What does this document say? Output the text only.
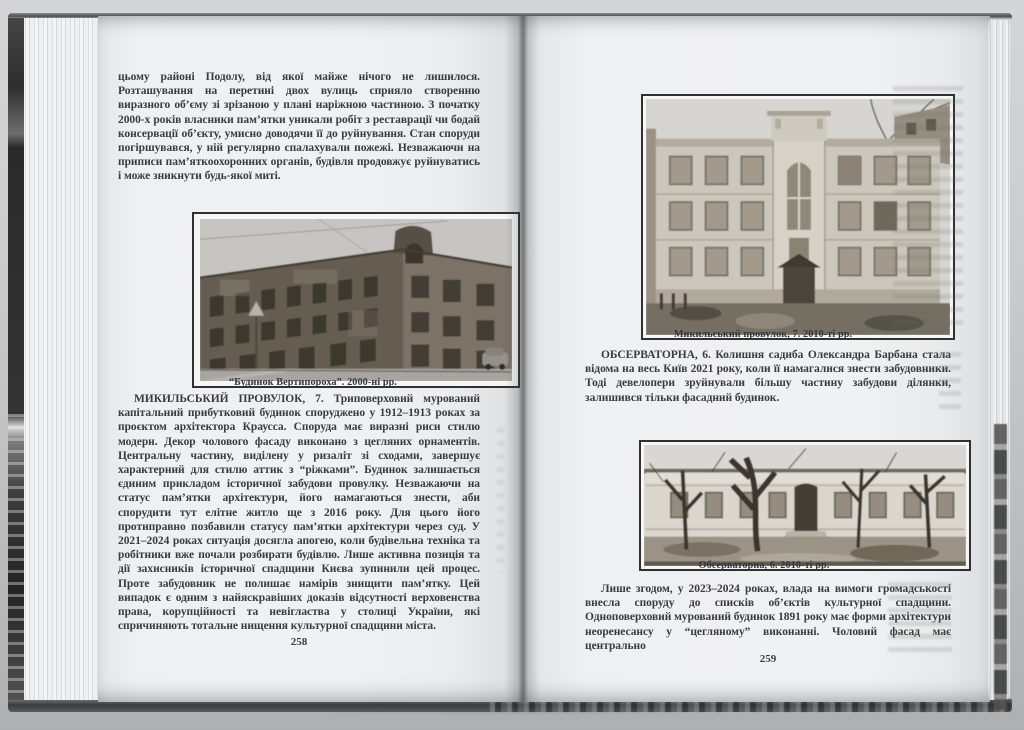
цьому районі Подолу, від якої майже нічого не лишилося. Розташування на перетині двох вулиць сприяло створенню виразного об’єму зі зрізаною у плані наріжною частиною. З початку 2000-х років власники пам’ятки уникали робіт з реставрації чи бодай консервації об’єкту, умисно доводячи її до руйнування. Стан споруди погіршувався, у ній регулярно спалахували пожежі. Незважаючи на приписи пам’яткоохоронних органів, будівля продовжує руйнуватись і може зникнути будь-якої миті.

“Будинок Вертипороха”. 2000-ні рр.

МИКИЛЬСЬКИЙ ПРОВУЛОК, 7. Триповерховий мурований капітальний прибутковий будинок споруджено у 1912–1913 роках за проєктом архітектора Краусса. Споруда має виразні риси стилю модерн. Декор чолового фасаду виконано з цегляних орнаментів. Центральну частину, виділену у ризаліт зі сходами, завершує характерний для стилю аттик з “ріжками”. Будинок залишається єдиним прикладом історичної забудови провулку. Незважаючи на статус пам’ятки архітектури, його намагаються знести, аби спорудити тут елітне житло ще з 2016 року. Для цього його протиправно позбавили статусу пам’ятки архітектури через суд. У 2021–2024 роках ситуація досягла апогею, коли будівельна техніка та робітники вже почали розбирати будівлю. Лише активна позиція та дії захисників історичної спадщини Києва зупинили цей процес. Проте забудовник не полишає намірів знищити пам’ятку. Цей випадок є одним з найяскравіших доказів відсутності верховенства права, корупційності та невігластва у столиці України, які спричиняють тотальне нищення культурної спадщини міста.

258
Микильський провулок, 7. 2010-ті рр.

ОБСЕРВАТОРНА, 6. Колишня садиба Олександра Барбана стала відома на весь Київ 2021 року, коли її намагалися знести забудовники. Тоді девелопери зруйнували більшу частину забудови ділянки, залишився тільки фасадний будинок.

Обсерваторна, 6. 2010-ті рр.

Лише згодом, у 2023–2024 роках, влада на вимоги громадськості внесла споруду до списків об’єктів культурної спадщини. Одноповерховий мурований будинок 1891 року має форми архітектури неоренесансу у “цегляному” виконанні. Чоловий фасад має центрально

259
